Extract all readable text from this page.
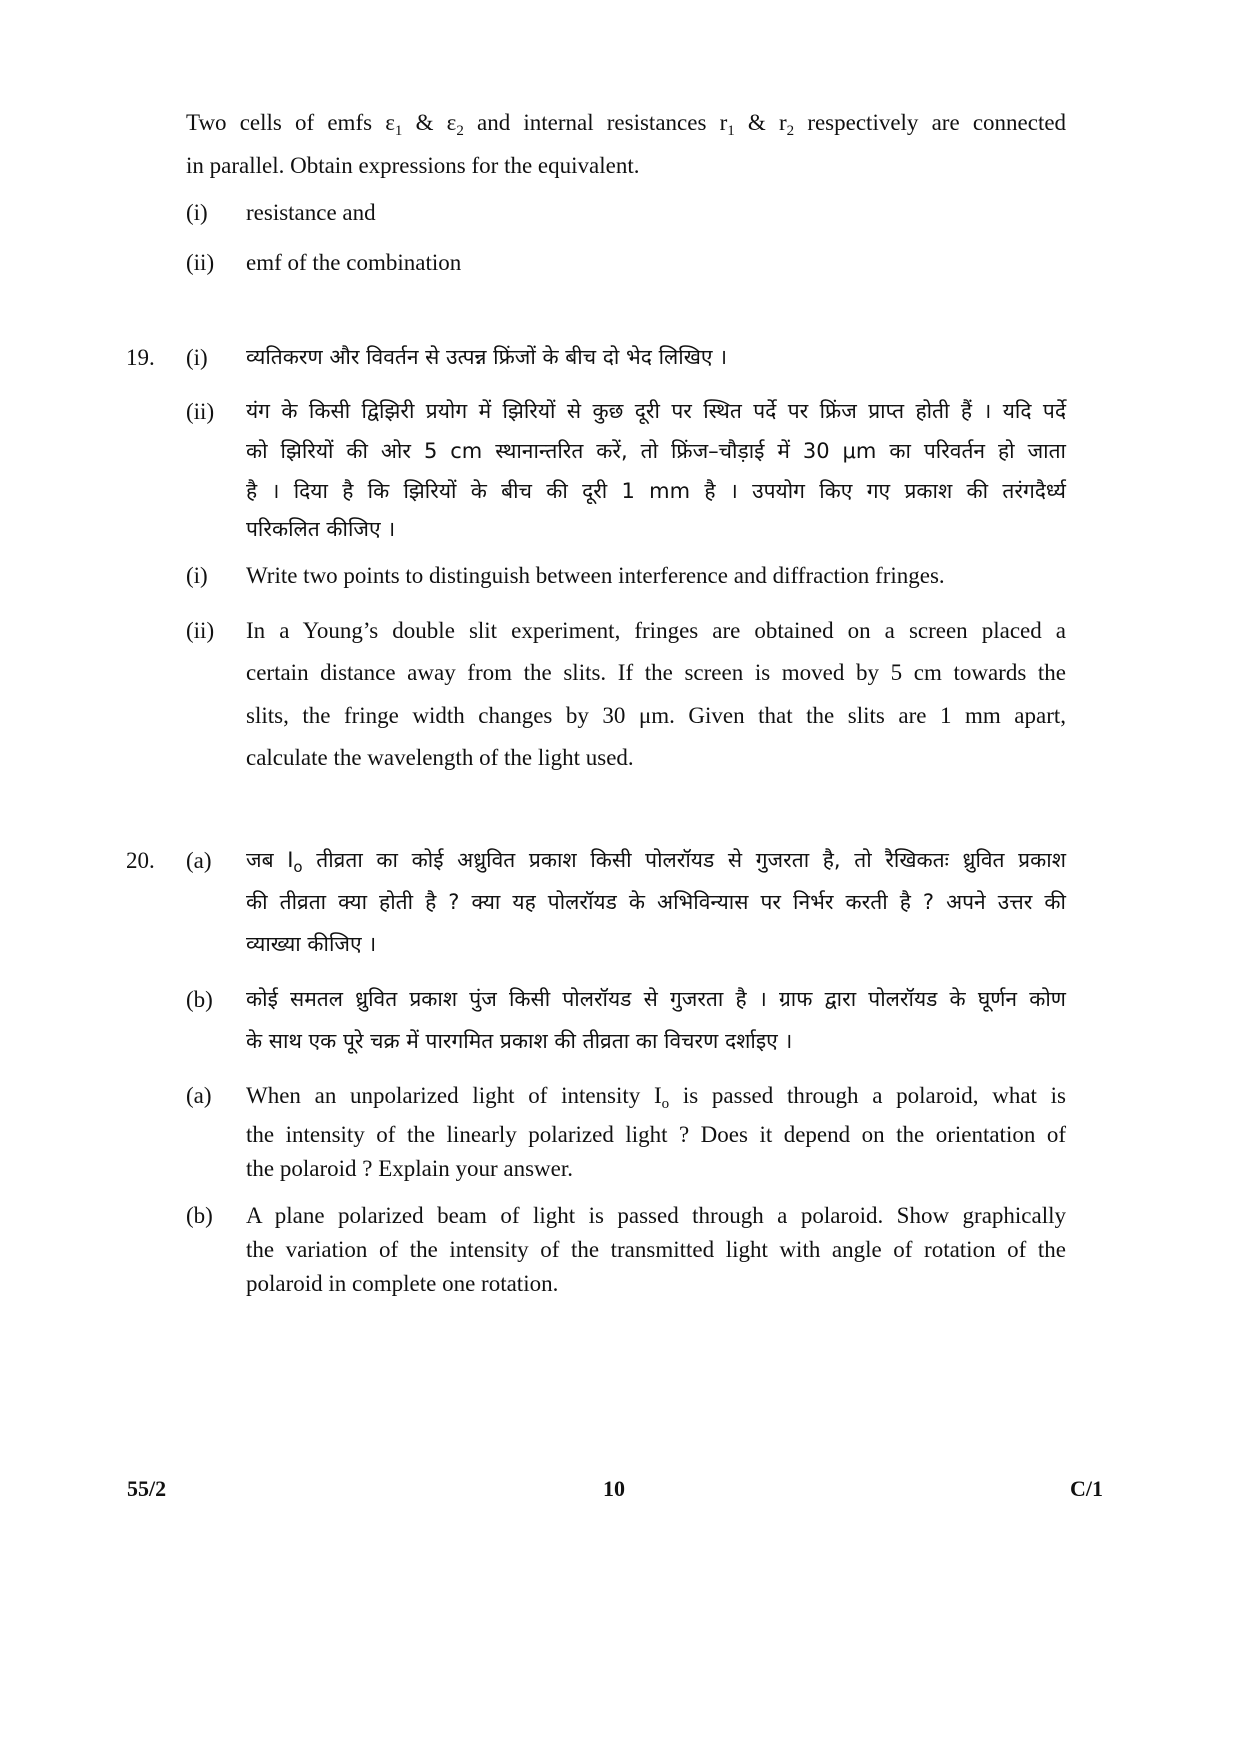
Two cells of emfs $\varepsilon_1$ & $\varepsilon_2$ and internal resistances $r_1$ & $r_2$ respectively are connected
in parallel. Obtain expressions for the equivalent.
(i) resistance and
(ii) emf of the combination
19. (i) व्यतिकरण और विवर्तन से उत्पन्न फ्रिंजों के बीच दो भेद लिखिए ।
(ii) यंग के किसी द्विझिरी प्रयोग में झिरियों से कुछ दूरी पर स्थित पर्दे पर फ्रिंज प्राप्त होती हैं । यदि पर्दे
को झिरियों की ओर 5 cm स्थानान्तरित करें, तो फ्रिंज–चौड़ाई में 30 μm का परिवर्तन हो जाता
है । दिया है कि झिरियों के बीच की दूरी 1 mm है । उपयोग किए गए प्रकाश की तरंगदैर्ध्य
परिकलित कीजिए ।
(i) Write two points to distinguish between interference and diffraction fringes.
(ii) In a Young’s double slit experiment, fringes are obtained on a screen placed a
certain distance away from the slits. If the screen is moved by 5 cm towards the
slits, the fringe width changes by 30 μm. Given that the slits are 1 mm apart,
calculate the wavelength of the light used.
20. (a) जब $I_o$ तीव्रता का कोई अध्रुवित प्रकाश किसी पोलरॉयड से गुजरता है, तो रैखिकतः ध्रुवित प्रकाश
की तीव्रता क्या होती है ? क्या यह पोलरॉयड के अभिविन्यास पर निर्भर करती है ? अपने उत्तर की
व्याख्या कीजिए ।
(b) कोई समतल ध्रुवित प्रकाश पुंज किसी पोलरॉयड से गुजरता है । ग्राफ द्वारा पोलरॉयड के घूर्णन कोण
के साथ एक पूरे चक्र में पारगमित प्रकाश की तीव्रता का विचरण दर्शाइए ।
(a) When an unpolarized light of intensity $I_o$ is passed through a polaroid, what is
the intensity of the linearly polarized light ? Does it depend on the orientation of
the polaroid ? Explain your answer.
(b) A plane polarized beam of light is passed through a polaroid. Show graphically
the variation of the intensity of the transmitted light with angle of rotation of the
polaroid in complete one rotation.
55/2	10	C/1
